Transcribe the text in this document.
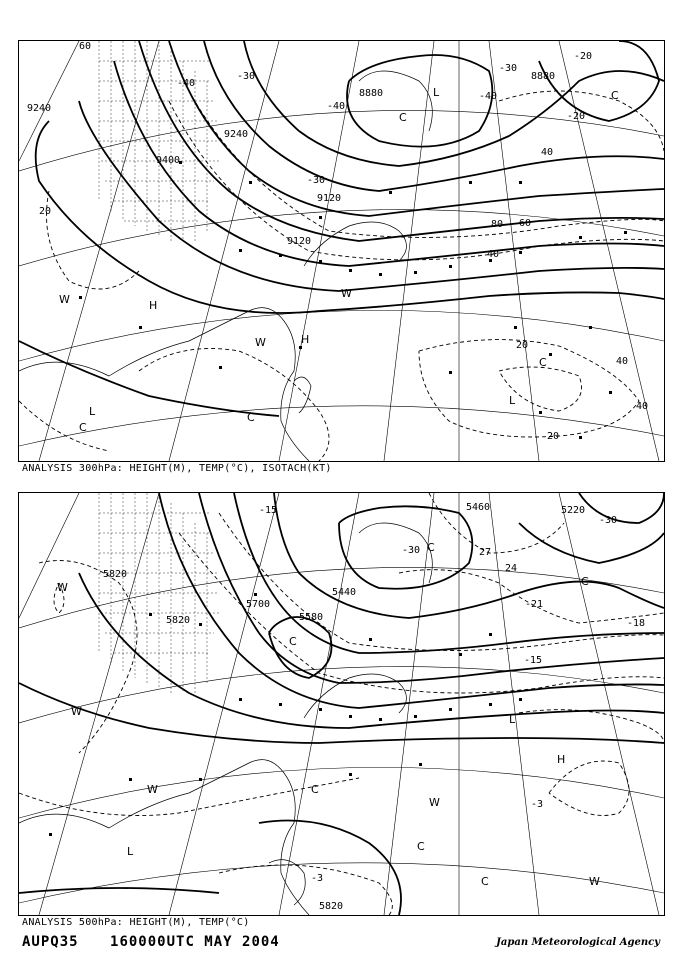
9120
9120
9240
9240
9400
8880
8880
20
40
40
60
80
40
20
40
20
-20
-40
-30
-30
-40
-20
-30
-40
60
H
H
L
L
C
C
C
W	W
W
C
L
C
ANALYSIS 300hPa: HEIGHT(M), TEMP(°C), ISOTACH(KT)
5700
5580
5820
5440
5220
5460
5820
5820
-15
-30
-30
27
24
-21
-15
-18
-3
-3
H
L
C
C
W
W
W	C
W
C
L
W
C
C
ANALYSIS 500hPa: HEIGHT(M), TEMP(°C)
AUPQ35 160000UTC MAY 2004	Japan Meteorological Agency
